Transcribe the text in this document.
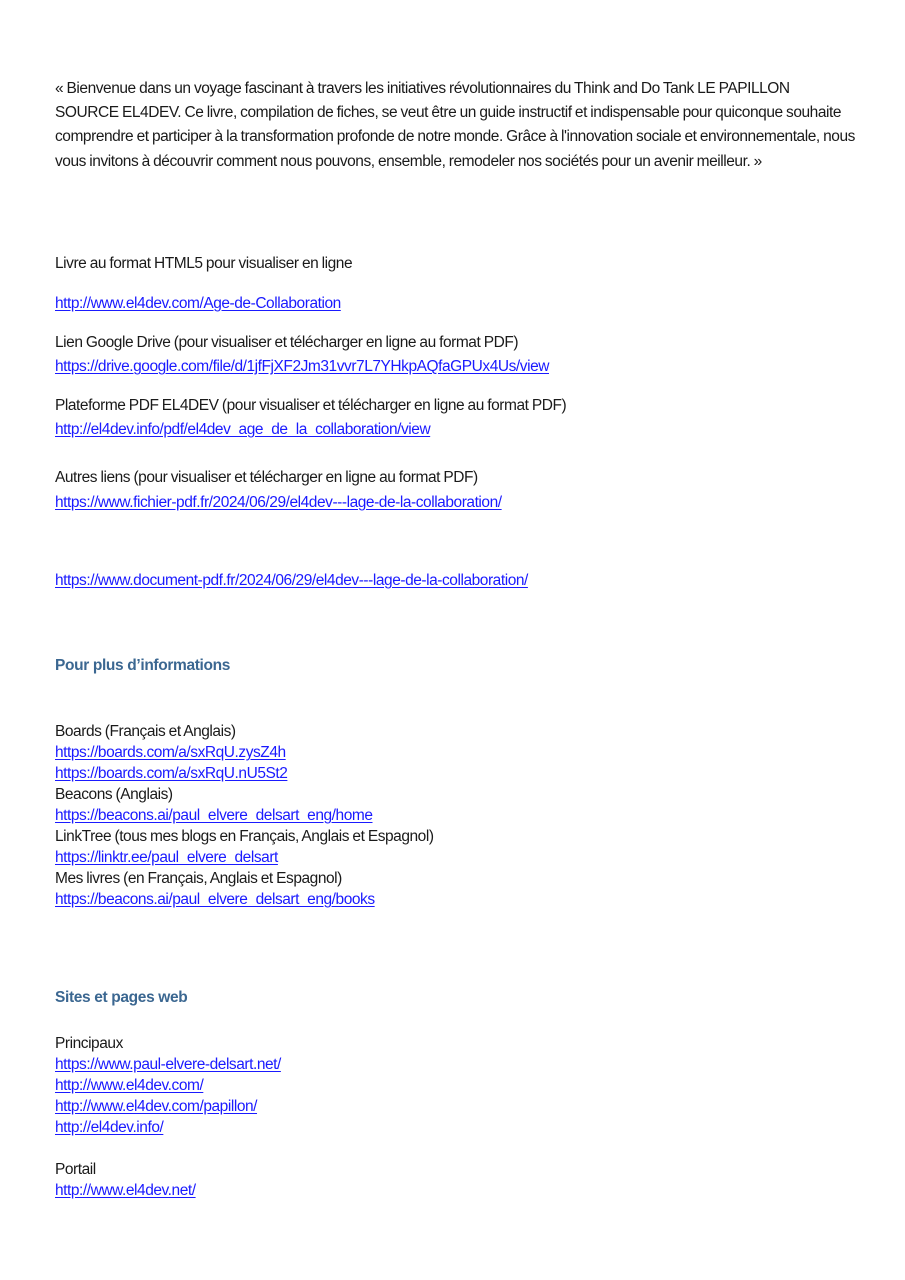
« Bienvenue dans un voyage fascinant à travers les initiatives révolutionnaires du Think and Do Tank LE PAPILLON SOURCE EL4DEV. Ce livre, compilation de fiches, se veut être un guide instructif et indispensable pour quiconque souhaite comprendre et participer à la transformation profonde de notre monde. Grâce à l'innovation sociale et environnementale, nous vous invitons à découvrir comment nous pouvons, ensemble, remodeler nos sociétés pour un avenir meilleur. »

Livre au format HTML5 pour visualiser en ligne
http://www.el4dev.com/Age-de-Collaboration
Lien Google Drive (pour visualiser et télécharger en ligne au format PDF)
https://drive.google.com/file/d/1jfFjXF2Jm31vvr7L7YHkpAQfaGPUx4Us/view
Plateforme PDF EL4DEV (pour visualiser et télécharger en ligne au format PDF)
http://el4dev.info/pdf/el4dev_age_de_la_collaboration/view
Autres liens (pour visualiser et télécharger en ligne au format PDF)
https://www.fichier-pdf.fr/2024/06/29/el4dev---lage-de-la-collaboration/
https://www.document-pdf.fr/2024/06/29/el4dev---lage-de-la-collaboration/
Pour plus d’informations
Boards (Français et Anglais)
https://boards.com/a/sxRqU.zysZ4h
https://boards.com/a/sxRqU.nU5St2
Beacons (Anglais)
https://beacons.ai/paul_elvere_delsart_eng/home
LinkTree (tous mes blogs en Français, Anglais et Espagnol)
https://linktr.ee/paul_elvere_delsart
Mes livres (en Français, Anglais et Espagnol)
https://beacons.ai/paul_elvere_delsart_eng/books
Sites et pages web
Principaux
https://www.paul-elvere-delsart.net/
http://www.el4dev.com/
http://www.el4dev.com/papillon/
http://el4dev.info/
Portail
http://www.el4dev.net/
